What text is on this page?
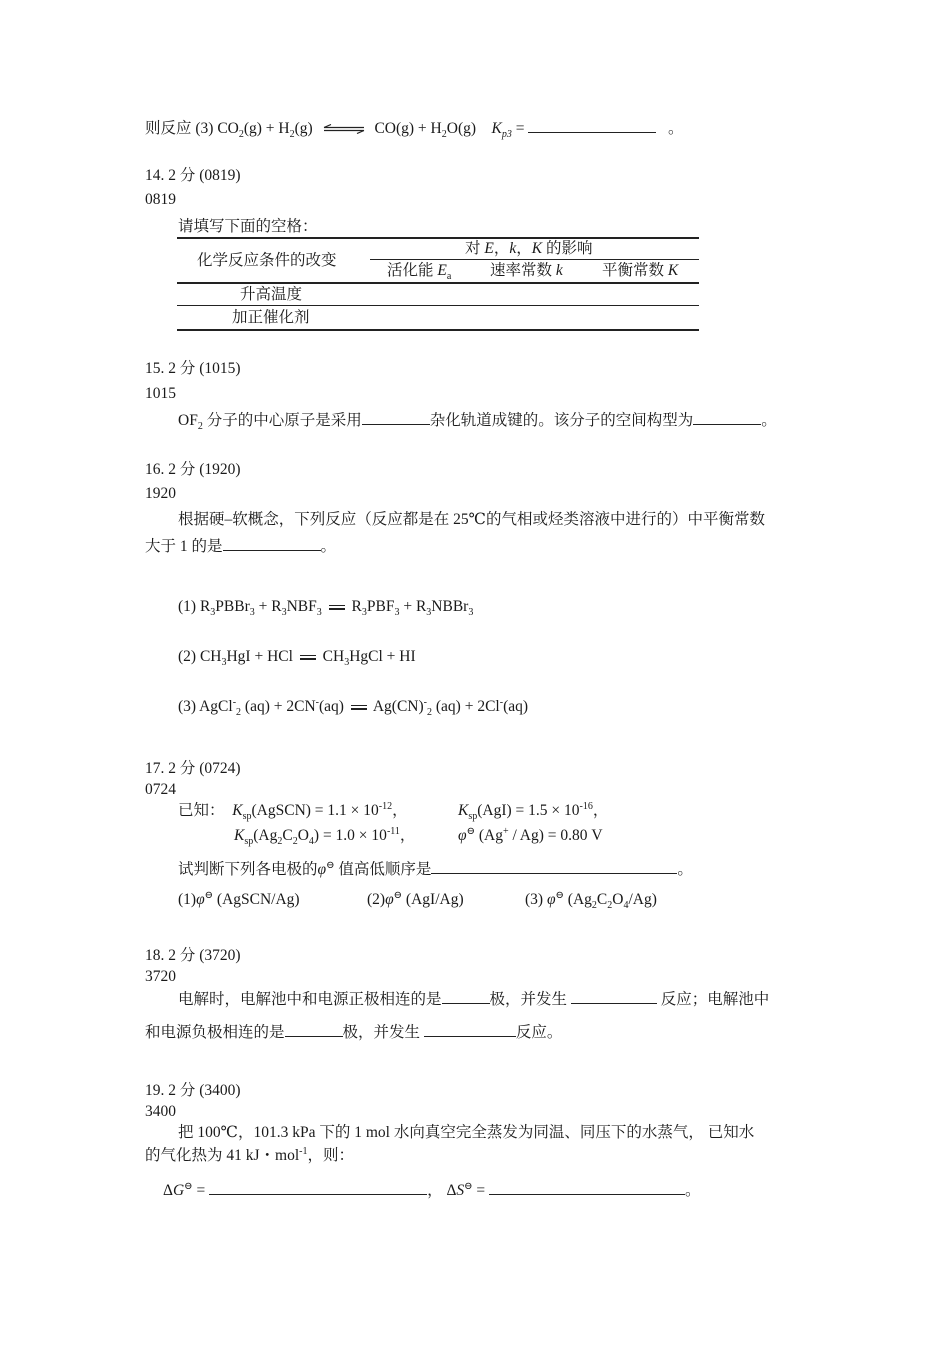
则反应 (3) $CO_2(g) + H_2(g)$ ⇌ $CO(g) + H_2O(g) K_{p3}$ =	。
14. 2 分 (0819)
0819
请填写下面的空格：
化学反应条件的改变
对 E，k，K 的影响
活化能 $E_a$ 速率常数 k	平衡常数 K
升高温度
加正催化剂
15. 2 分 (1015)
1015
$OF_2$ 分子的中心原子是采用	杂化轨道成键的。该分子的空间构型为	。
16. 2 分 (1920)
1920
根据硬–软概念，下列反应（反应都是在 25℃的气相或烃类溶液中进行的）中平衡常数
大于 1 的是	。
(1) $R_3PBBr_3 + R_3NBF_3$ $R_3PBF_3$ + $R_3NBBr_3$
(2) $CH_3HgI$ + HCl $CH_3HgCl$ + HI
(3) AgCl-$_2$ (aq) + 2CN-(aq) $Ag(CN)^-_2$ (aq) + 2Cl-(aq)
17. 2 分 (0724)
0724
已知： $K_{sp}(AgSCN) = 1.1 \times 10^{-12}$，	$K_{sp}(AgI) = 1.5 \times 10^{-16}$，
$K_{sp}(Ag_2C_2O_4) = 1.0 \times 10^{-11}$，	φ⊖ (Ag+ / Ag) = 0.80 V
试判断下列各电极的φ⊖ 值高低顺序是	。
(1)φ⊖ (AgSCN/Ag)	(2)φ⊖ (AgI/Ag)	(3) φ⊖ $(Ag_2C_2O_4/Ag)$
18. 2 分 (3720)
3720
电解时，电解池中和电源正极相连的是	极，并发生	反应；电解池中
和电源负极相连的是	极，并发生	反应。
19. 2 分 (3400)
3400
把 100℃，101.3 kPa 下的 1 mol 水向真空完全蒸发为同温、同压下的水蒸气， 已知水
的气化热为 41 kJ・mol$^{-1}$，则：
ΔG⊖ =	， ΔS⊖ =	。
